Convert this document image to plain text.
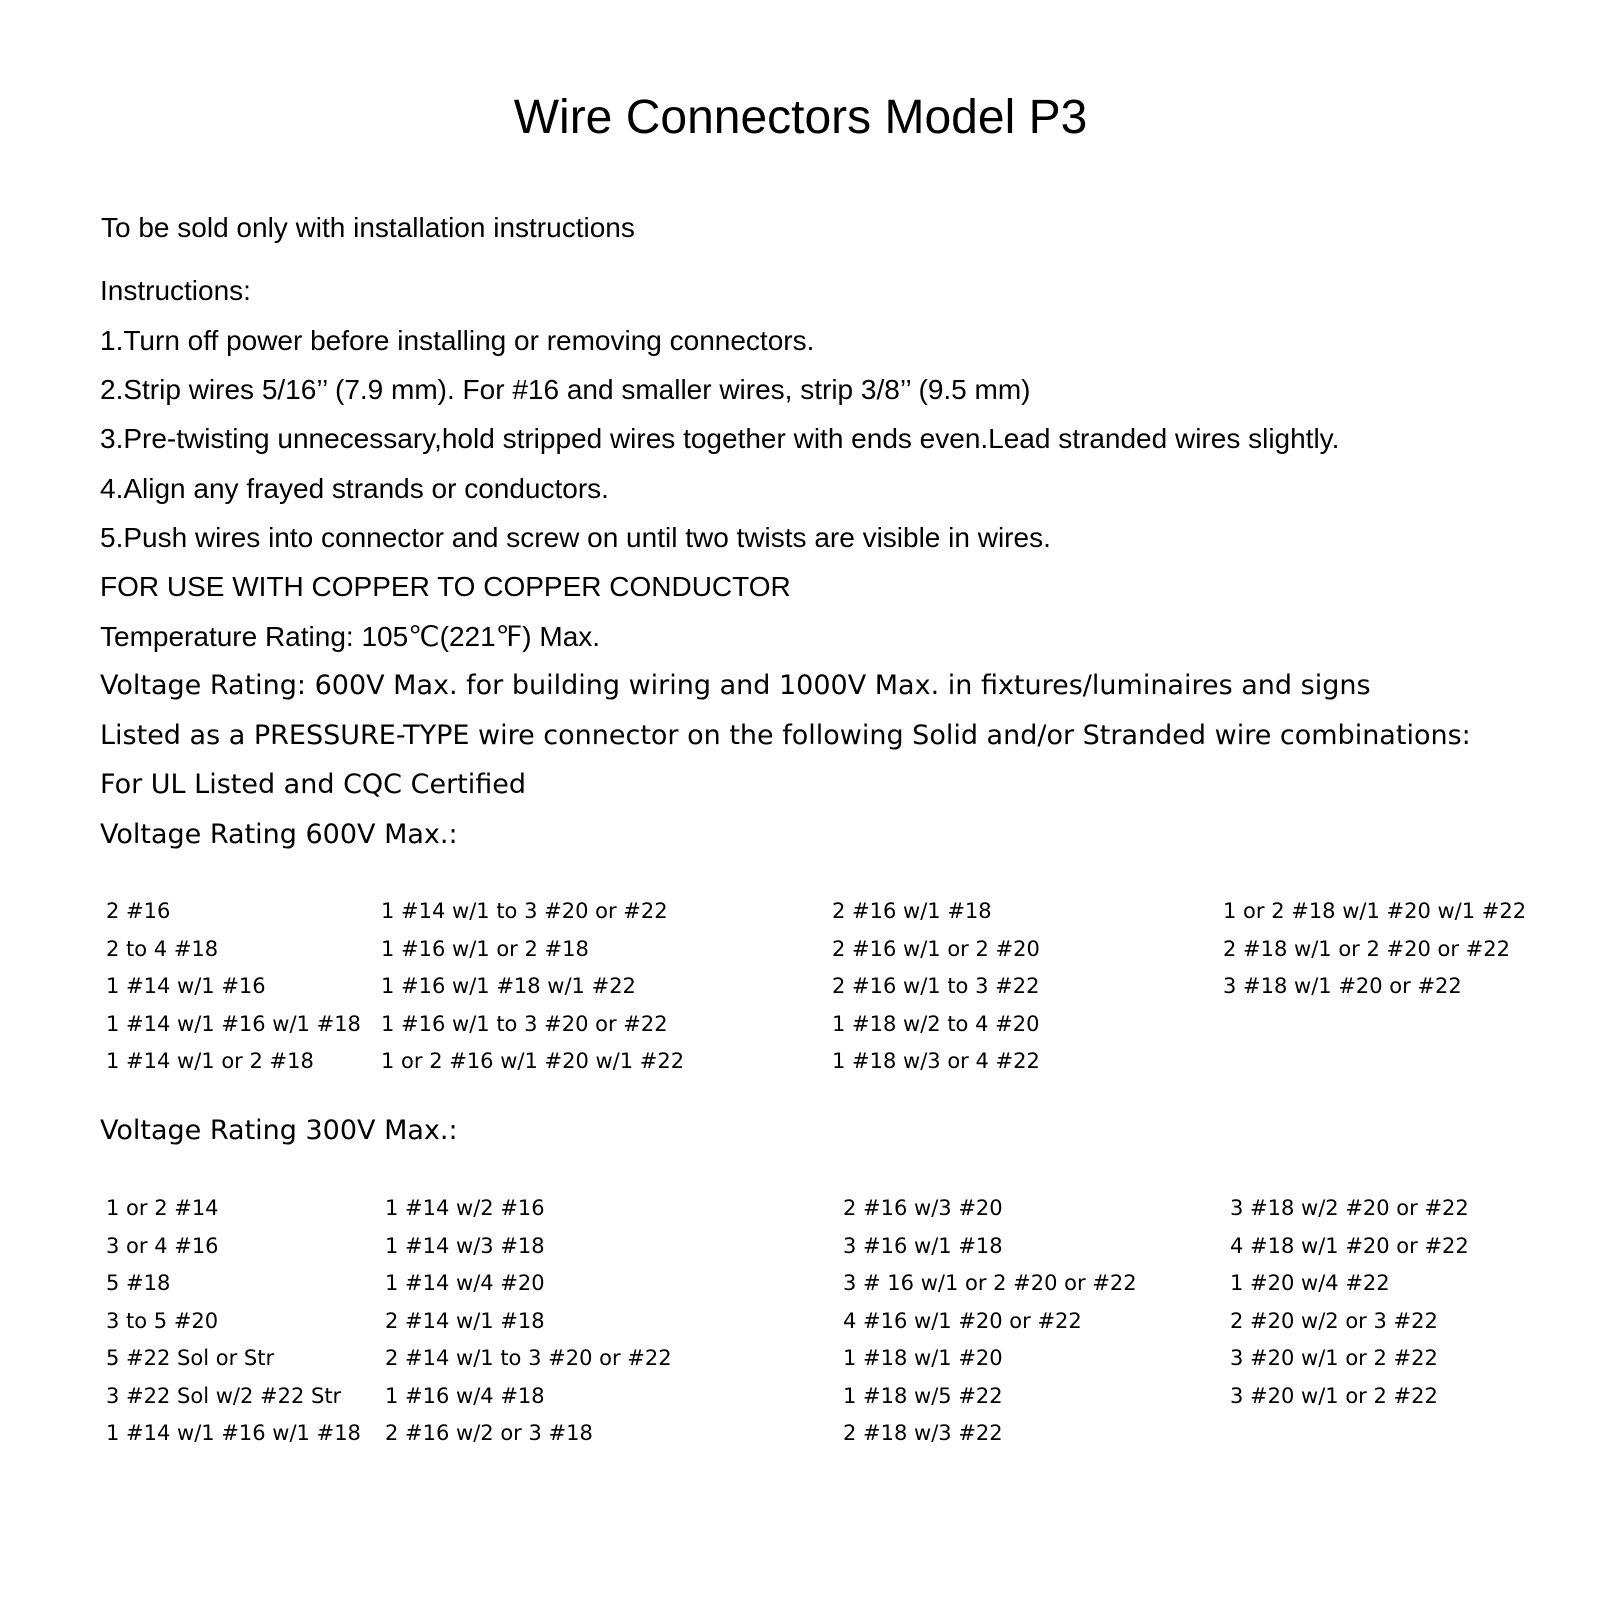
Wire Connectors Model P3
To be sold only with installation instructions
Instructions:
1.Turn off power before installing or removing connectors.
2.Strip wires 5/16’’ (7.9 mm). For #16 and smaller wires, strip 3/8’’ (9.5 mm)
3.Pre-twisting unnecessary,hold stripped wires together with ends even.Lead stranded wires slightly.
4.Align any frayed strands or conductors.
5.Push wires into connector and screw on until two twists are visible in wires.
FOR USE WITH COPPER TO COPPER CONDUCTOR
Temperature Rating: 105℃(221℉) Max.
Voltage Rating: 600V Max. for building wiring and 1000V Max. in fixtures/luminaires and signs
Listed as a PRESSURE-TYPE wire connector on the following Solid and/or Stranded wire combinations:
For UL Listed and CQC Certified
Voltage Rating 600V Max.:
2 #16
2 to 4 #18
1 #14 w/1 #16
1 #14 w/1 #16 w/1 #18
1 #14 w/1 or 2 #18
1 #14 w/1 to 3 #20 or #22
1 #16 w/1 or 2 #18
1 #16 w/1 #18 w/1 #22
1 #16 w/1 to 3 #20 or #22
1 or 2 #16 w/1 #20 w/1 #22
2 #16 w/1 #18
2 #16 w/1 or 2 #20
2 #16 w/1 to 3 #22
1 #18 w/2 to 4 #20
1 #18 w/3 or 4 #22
1 or 2 #18 w/1 #20 w/1 #22
2 #18 w/1 or 2 #20 or #22
3 #18 w/1 #20 or #22
Voltage Rating 300V Max.:
1 or 2 #14
3 or 4 #16
5 #18
3 to 5 #20
5 #22 Sol or Str
3 #22 Sol w/2 #22 Str
1 #14 w/1 #16 w/1 #18
1 #14 w/2 #16
1 #14 w/3 #18
1 #14 w/4 #20
2 #14 w/1 #18
2 #14 w/1 to 3 #20 or #22
1 #16 w/4 #18
2 #16 w/2 or 3 #18
2 #16 w/3 #20
3 #16 w/1 #18
3 # 16 w/1 or 2 #20 or #22
4 #16 w/1 #20 or #22
1 #18 w/1 #20
1 #18 w/5 #22
2 #18 w/3 #22
3 #18 w/2 #20 or #22
4 #18 w/1 #20 or #22
1 #20 w/4 #22
2 #20 w/2 or 3 #22
3 #20 w/1 or 2 #22
3 #20 w/1 or 2 #22
